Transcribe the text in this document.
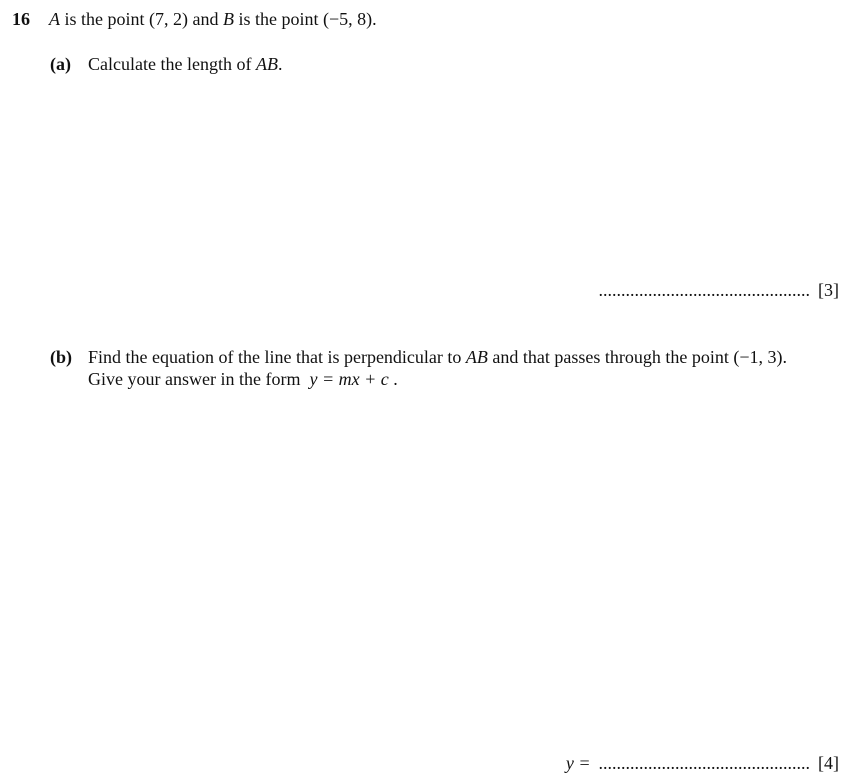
16 A is the point (7, 2) and B is the point (−5, 8).
(a) Calculate the length of AB.
............................................... [3]
(b) Find the equation of the line that is perpendicular to AB and that passes through the point (−1, 3).
Give your answer in the form  y = mx + c .
y = ............................................... [4]
